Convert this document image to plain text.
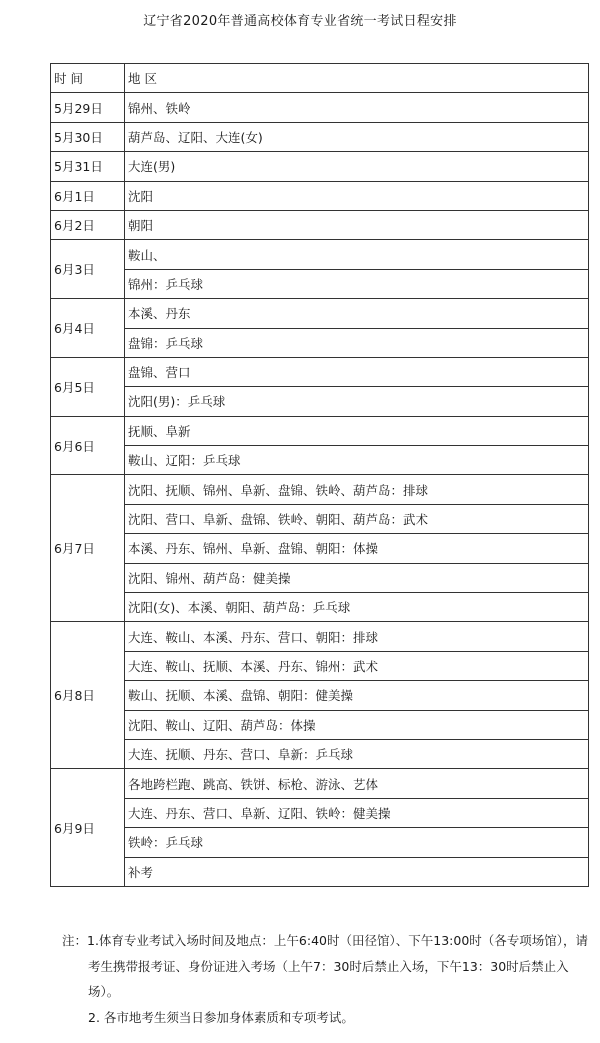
辽宁省2020年普通高校体育专业省统一考试日程安排
时 间	地 区
5月29日	锦州、铁岭
5月30日	葫芦岛、辽阳、大连(女)
5月31日	大连(男)
6月1日	沈阳
6月2日	朝阳
6月3日	鞍山、
	锦州：乒乓球
6月4日	本溪、丹东
	盘锦：乒乓球
6月5日	盘锦、营口
	沈阳(男)：乒乓球
6月6日	抚顺、阜新
	鞍山、辽阳：乒乓球
6月7日	沈阳、抚顺、锦州、阜新、盘锦、铁岭、葫芦岛：排球
	沈阳、营口、阜新、盘锦、铁岭、朝阳、葫芦岛：武术
	本溪、丹东、锦州、阜新、盘锦、朝阳：体操
	沈阳、锦州、葫芦岛：健美操
	沈阳(女)、本溪、朝阳、葫芦岛：乒乓球
6月8日	大连、鞍山、本溪、丹东、营口、朝阳：排球
	大连、鞍山、抚顺、本溪、丹东、锦州：武术
	鞍山、抚顺、本溪、盘锦、朝阳：健美操
	沈阳、鞍山、辽阳、葫芦岛：体操
	大连、抚顺、丹东、营口、阜新：乒乓球
6月9日	各地跨栏跑、跳高、铁饼、标枪、游泳、艺体
	大连、丹东、营口、阜新、辽阳、铁岭：健美操
	铁岭：乒乓球
	补考
注：1.体育专业考试入场时间及地点：上午6:40时（田径馆）、下午13:00时（各专项场馆），请考生携带报考证、身份证进入考场（上午7：30时后禁止入场，下午13：30时后禁止入场）。
2. 各市地考生须当日参加身体素质和专项考试。
